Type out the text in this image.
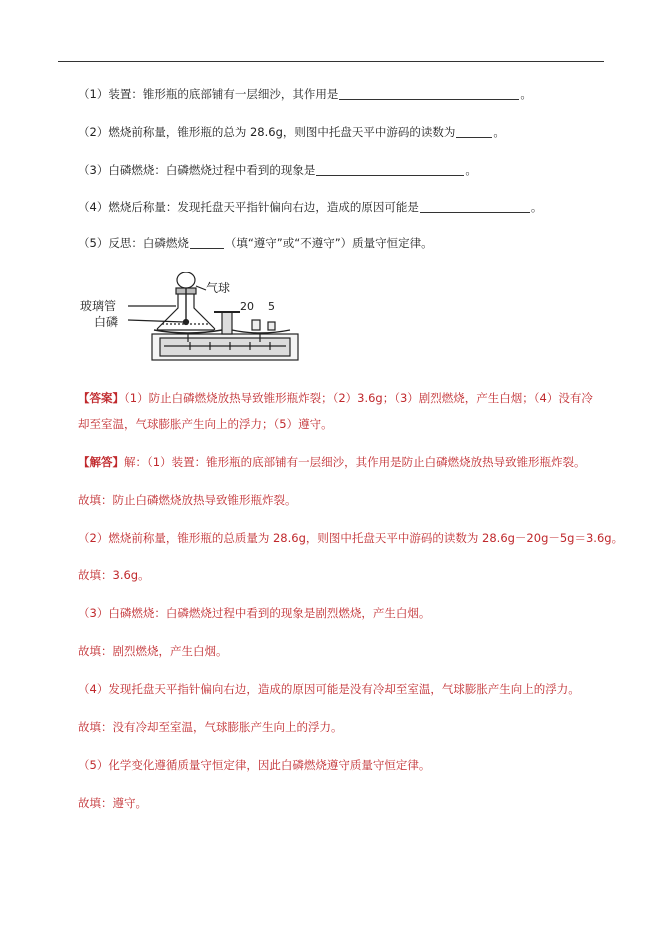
（1）装置：锥形瓶的底部铺有一层细沙，其作用是	。
（2）燃烧前称量，锥形瓶的总为 28.6g，则图中托盘天平中游码的读数为	。
（3）白磷燃烧：白磷燃烧过程中看到的现象是	。
（4）燃烧后称量：发现托盘天平指针偏向右边，造成的原因可能是	。
（5）反思：白磷燃烧	（填“遵守”或“不遵守”）质量守恒定律。
气球
玻璃管
白磷
20 5
【答案】（1）防止白磷燃烧放热导致锥形瓶炸裂；（2）3.6g；（3）剧烈燃烧，产生白烟；（4）没有冷
却至室温，气球膨胀产生向上的浮力；（5）遵守。
【解答】解：（1）装置：锥形瓶的底部铺有一层细沙，其作用是防止白磷燃烧放热导致锥形瓶炸裂。
故填：防止白磷燃烧放热导致锥形瓶炸裂。
（2）燃烧前称量，锥形瓶的总质量为 28.6g，则图中托盘天平中游码的读数为 28.6g－20g－5g＝3.6g。
故填：3.6g。
（3）白磷燃烧：白磷燃烧过程中看到的现象是剧烈燃烧，产生白烟。
故填：剧烈燃烧，产生白烟。
（4）发现托盘天平指针偏向右边，造成的原因可能是没有冷却至室温，气球膨胀产生向上的浮力。
故填：没有冷却至室温，气球膨胀产生向上的浮力。
（5）化学变化遵循质量守恒定律，因此白磷燃烧遵守质量守恒定律。
故填：遵守。
